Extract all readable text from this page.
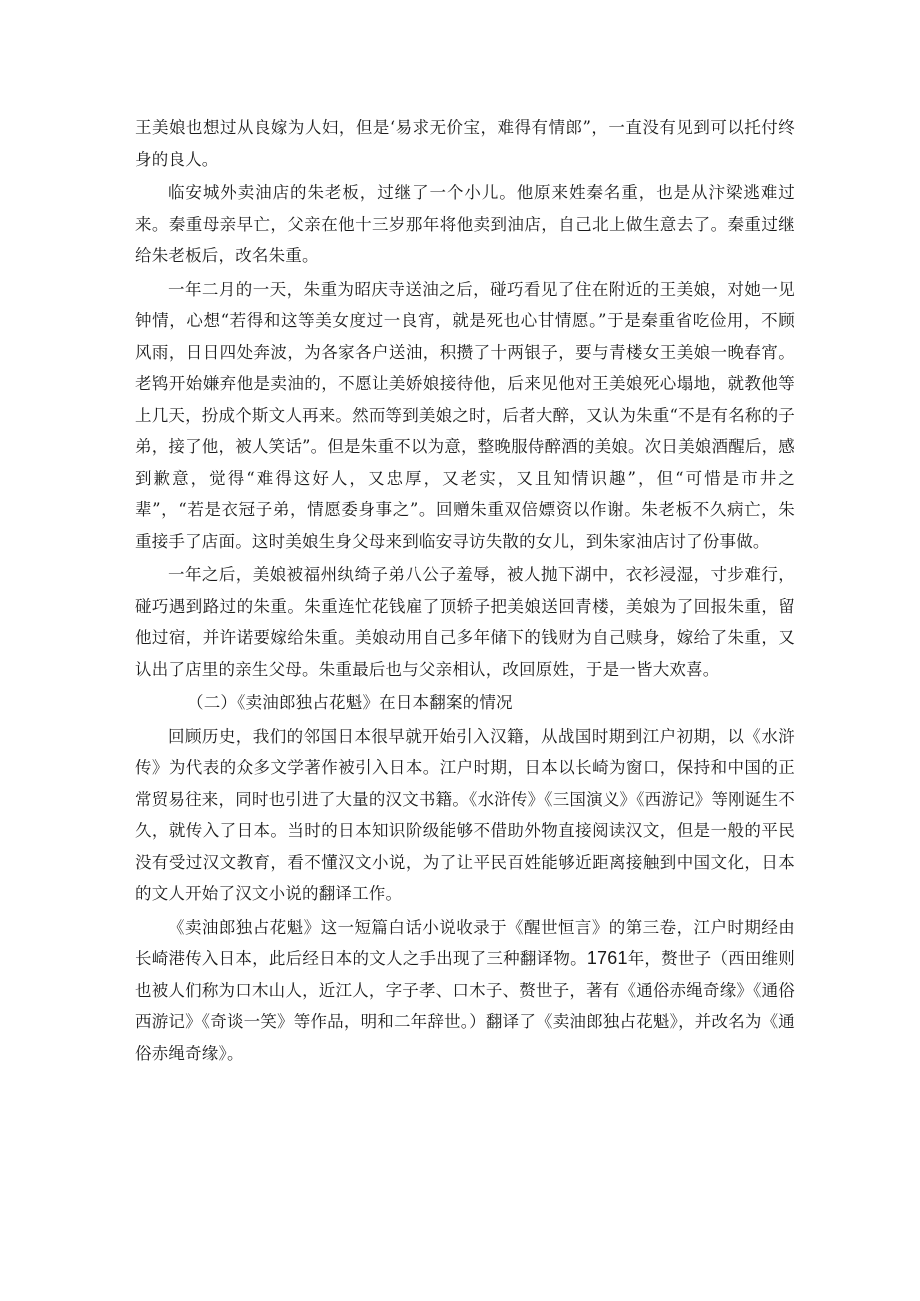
王美娘也想过从良嫁为人妇，但是‘易求无价宝，难得有情郎”，一直没有见到可以托付终身的良人。

临安城外卖油店的朱老板，过继了一个小儿。他原来姓秦名重，也是从汴梁逃难过来。秦重母亲早亡，父亲在他十三岁那年将他卖到油店，自己北上做生意去了。秦重过继给朱老板后，改名朱重。

一年二月的一天，朱重为昭庆寺送油之后，碰巧看见了住在附近的王美娘，对她一见钟情，心想“若得和这等美女度过一良宵，就是死也心甘情愿。”于是秦重省吃俭用，不顾风雨，日日四处奔波，为各家各户送油，积攒了十两银子，要与青楼女王美娘一晚春宵。老鸨开始嫌弃他是卖油的，不愿让美娇娘接待他，后来见他对王美娘死心塌地，就教他等上几天，扮成个斯文人再来。然而等到美娘之时，后者大醉，又认为朱重“不是有名称的子弟，接了他，被人笑话”。但是朱重不以为意，整晚服侍醉酒的美娘。次日美娘酒醒后，感到歉意，觉得“难得这好人，又忠厚，又老实，又且知情识趣”，但“可惜是市井之辈”，“若是衣冠子弟，情愿委身事之”。回赠朱重双倍嫖资以作谢。朱老板不久病亡，朱重接手了店面。这时美娘生身父母来到临安寻访失散的女儿，到朱家油店讨了份事做。

一年之后，美娘被福州纨绮子弟八公子羞辱，被人抛下湖中，衣衫浸湿，寸步难行，碰巧遇到路过的朱重。朱重连忙花钱雇了顶轿子把美娘送回青楼，美娘为了回报朱重，留他过宿，并许诺要嫁给朱重。美娘动用自己多年储下的钱财为自己赎身，嫁给了朱重，又认出了店里的亲生父母。朱重最后也与父亲相认，改回原姓，于是一皆大欢喜。

（二）《卖油郎独占花魁》在日本翻案的情况

回顾历史，我们的邻国日本很早就开始引入汉籍，从战国时期到江户初期，以《水浒传》为代表的众多文学著作被引入日本。江户时期，日本以长崎为窗口，保持和中国的正常贸易往来，同时也引进了大量的汉文书籍。《水浒传》《三国演义》《西游记》等刚诞生不久，就传入了日本。当时的日本知识阶级能够不借助外物直接阅读汉文，但是一般的平民没有受过汉文教育，看不懂汉文小说，为了让平民百姓能够近距离接触到中国文化，日本的文人开始了汉文小说的翻译工作。

《卖油郎独占花魁》这一短篇白话小说收录于《醒世恒言》的第三卷，江户时期经由长崎港传入日本，此后经日本的文人之手出现了三种翻译物。1761年，赘世子（西田维则也被人们称为口木山人，近江人，字子孝、口木子、赘世子，著有《通俗赤绳奇缘》《通俗西游记》《奇谈一笑》等作品，明和二年辞世。）翻译了《卖油郎独占花魁》，并改名为《通俗赤绳奇缘》。
